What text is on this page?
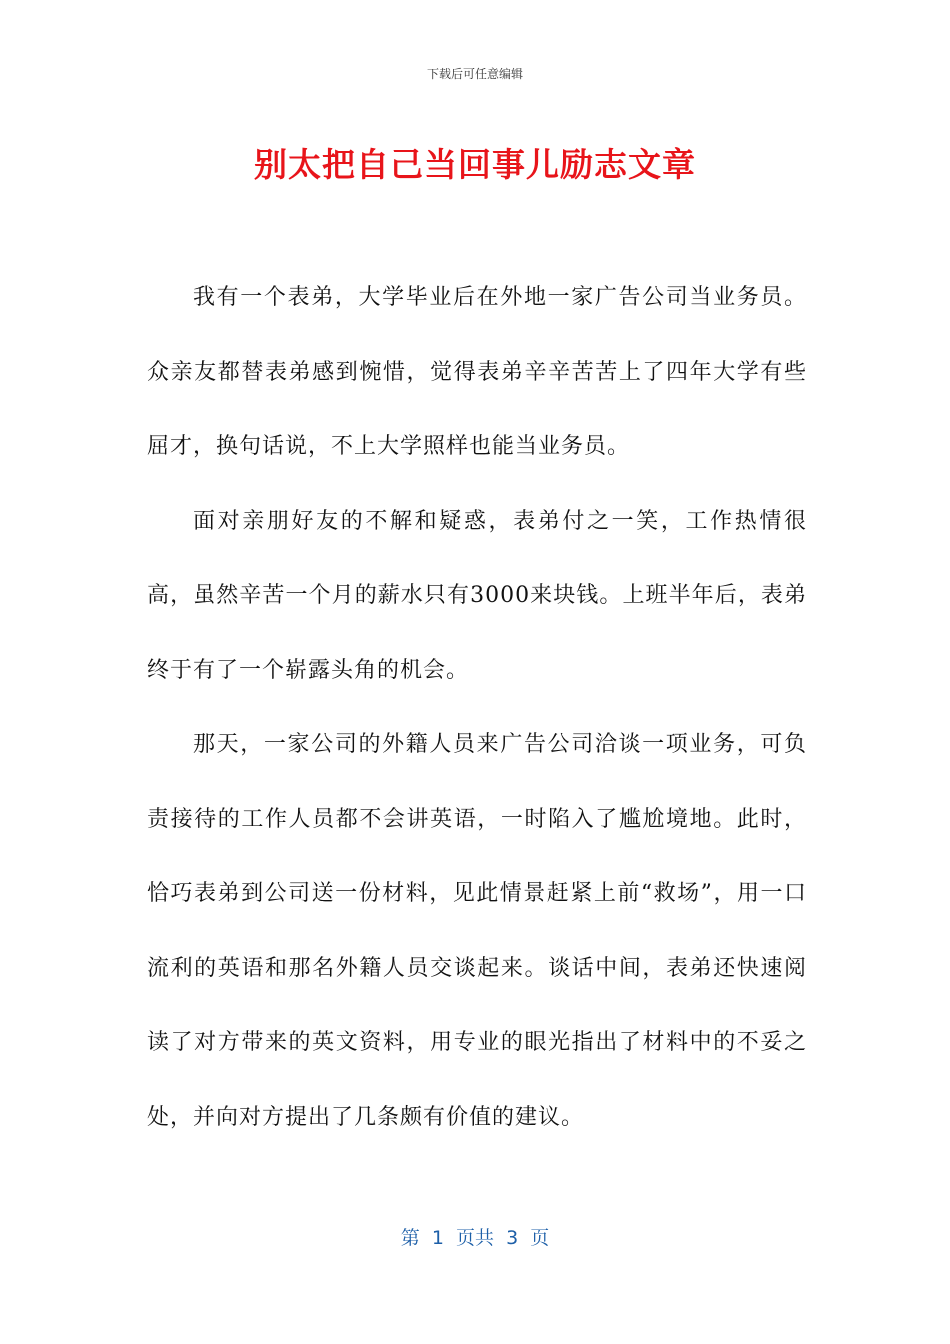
下载后可任意编辑
别太把自己当回事儿励志文章

我有一个表弟，大学毕业后在外地一家广告公司当业务员。众亲友都替表弟感到惋惜，觉得表弟辛辛苦苦上了四年大学有些屈才，换句话说，不上大学照样也能当业务员。

面对亲朋好友的不解和疑惑，表弟付之一笑，工作热情很高，虽然辛苦一个月的薪水只有3000来块钱。上班半年后，表弟终于有了一个崭露头角的机会。

那天，一家公司的外籍人员来广告公司洽谈一项业务，可负责接待的工作人员都不会讲英语，一时陷入了尴尬境地。此时，恰巧表弟到公司送一份材料，见此情景赶紧上前“救场”，用一口流利的英语和那名外籍人员交谈起来。谈话中间，表弟还快速阅读了对方带来的英文资料，用专业的眼光指出了材料中的不妥之处，并向对方提出了几条颇有价值的建议。

第  1  页共  3  页
